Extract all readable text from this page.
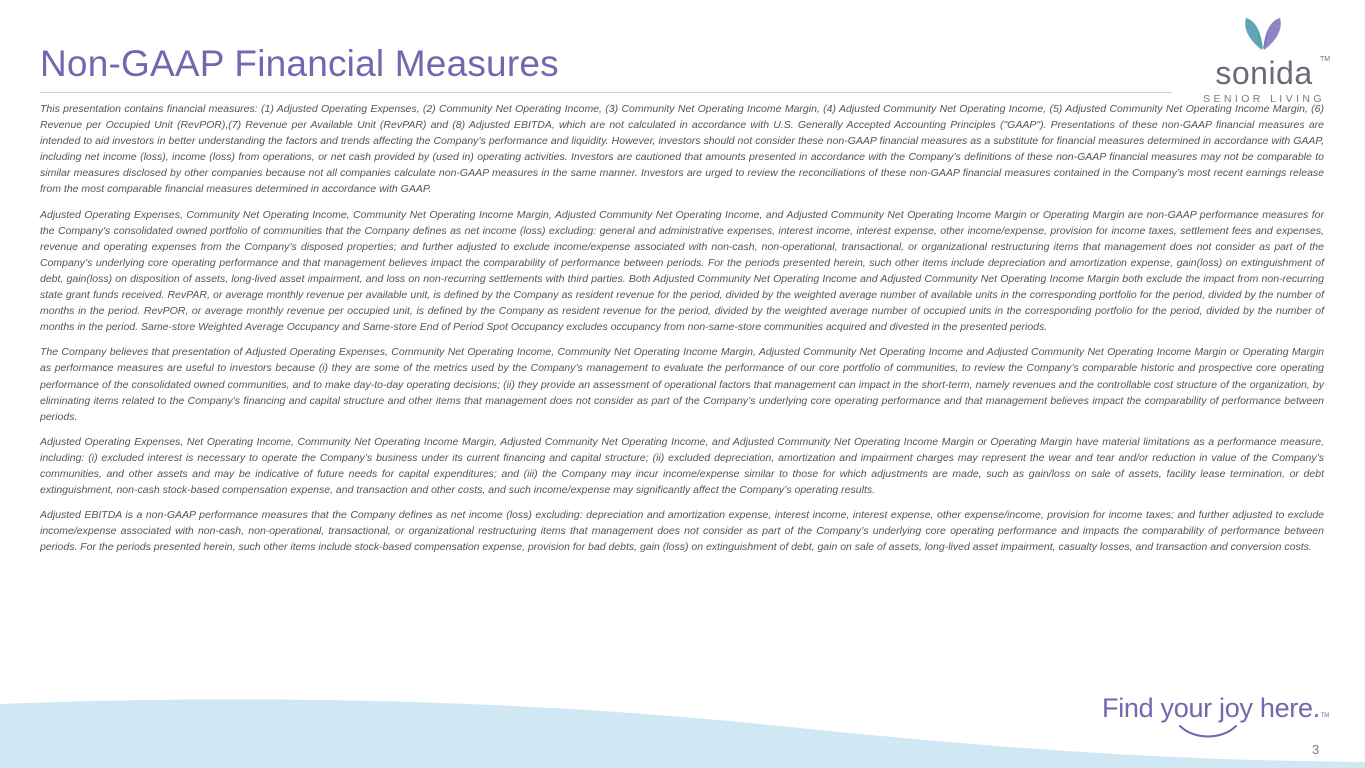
Non-GAAP Financial Measures	sonida	TM
SENIOR LIVING

This presentation contains financial measures: (1) Adjusted Operating Expenses, (2) Community Net Operating Income, (3) Community Net Operating Income Margin, (4) Adjusted Community Net Operating Income, (5) Adjusted Community Net Operating Income Margin, (6) Revenue per Occupied Unit (RevPOR),(7) Revenue per Available Unit (RevPAR) and (8) Adjusted EBITDA, which are not calculated in accordance with U.S. Generally Accepted Accounting Principles ("GAAP"). Presentations of these non-GAAP financial measures are intended to aid investors in better understanding the factors and trends affecting the Company’s performance and liquidity. However, investors should not consider these non-GAAP financial measures as a substitute for financial measures determined in accordance with GAAP, including net income (loss), income (loss) from operations, or net cash provided by (used in) operating activities. Investors are cautioned that amounts presented in accordance with the Company’s definitions of these non-GAAP financial measures may not be comparable to similar measures disclosed by other companies because not all companies calculate non-GAAP measures in the same manner. Investors are urged to review the reconciliations of these non-GAAP financial measures contained in the Company’s most recent earnings release from the most comparable financial measures determined in accordance with GAAP.

Adjusted Operating Expenses, Community Net Operating Income, Community Net Operating Income Margin, Adjusted Community Net Operating Income, and Adjusted Community Net Operating Income Margin or Operating Margin are non-GAAP performance measures for the Company's consolidated owned portfolio of communities that the Company defines as net income (loss) excluding: general and administrative expenses, interest income, interest expense, other income/expense, provision for income taxes, settlement fees and expenses, revenue and operating expenses from the Company’s disposed properties; and further adjusted to exclude income/expense associated with non-cash, non-operational, transactional, or organizational restructuring items that management does not consider as part of the Company’s underlying core operating performance and that management believes impact the comparability of performance between periods. For the periods presented herein, such other items include depreciation and amortization expense, gain(loss) on extinguishment of debt, gain(loss) on disposition of assets, long-lived asset impairment, and loss on non-recurring settlements with third parties. Both Adjusted Community Net Operating Income and Adjusted Community Net Operating Income Margin both exclude the impact from non-recurring state grant funds received. RevPAR, or average monthly revenue per available unit, is defined by the Company as resident revenue for the period, divided by the weighted average number of available units in the corresponding portfolio for the period, divided by the number of months in the period. RevPOR, or average monthly revenue per occupied unit, is defined by the Company as resident revenue for the period, divided by the weighted average number of occupied units in the corresponding portfolio for the period, divided by the number of months in the period. Same-store Weighted Average Occupancy and Same-store End of Period Spot Occupancy excludes occupancy from non-same-store communities acquired and divested in the presented periods.

The Company believes that presentation of Adjusted Operating Expenses, Community Net Operating Income, Community Net Operating Income Margin, Adjusted Community Net Operating Income and Adjusted Community Net Operating Income Margin or Operating Margin as performance measures are useful to investors because (i) they are some of the metrics used by the Company’s management to evaluate the performance of our core portfolio of communities, to review the Company’s comparable historic and prospective core operating performance of the consolidated owned communities, and to make day-to-day operating decisions; (ii) they provide an assessment of operational factors that management can impact in the short-term, namely revenues and the controllable cost structure of the organization, by eliminating items related to the Company’s financing and capital structure and other items that management does not consider as part of the Company’s underlying core operating performance and that management believes impact the comparability of performance between periods.

Adjusted Operating Expenses, Net Operating Income, Community Net Operating Income Margin, Adjusted Community Net Operating Income, and Adjusted Community Net Operating Income Margin or Operating Margin have material limitations as a performance measure, including: (i) excluded interest is necessary to operate the Company’s business under its current financing and capital structure; (ii) excluded depreciation, amortization and impairment charges may represent the wear and tear and/or reduction in value of the Company’s communities, and other assets and may be indicative of future needs for capital expenditures; and (iii) the Company may incur income/expense similar to those for which adjustments are made, such as gain/loss on sale of assets, facility lease termination, or debt extinguishment, non-cash stock-based compensation expense, and transaction and other costs, and such income/expense may significantly affect the Company’s operating results.

Adjusted EBITDA is a non-GAAP performance measures that the Company defines as net income (loss) excluding: depreciation and amortization expense, interest income, interest expense, other expense/income, provision for income taxes; and further adjusted to exclude income/expense associated with non-cash, non-operational, transactional, or organizational restructuring items that management does not consider as part of the Company’s underlying core operating performance and impacts the comparability of performance between periods. For the periods presented herein, such other items include stock-based compensation expense, provision for bad debts, gain (loss) on extinguishment of debt, gain on sale of assets, long-lived asset impairment, casualty losses, and transaction and conversion costs.

Find your joy here.TM
3
